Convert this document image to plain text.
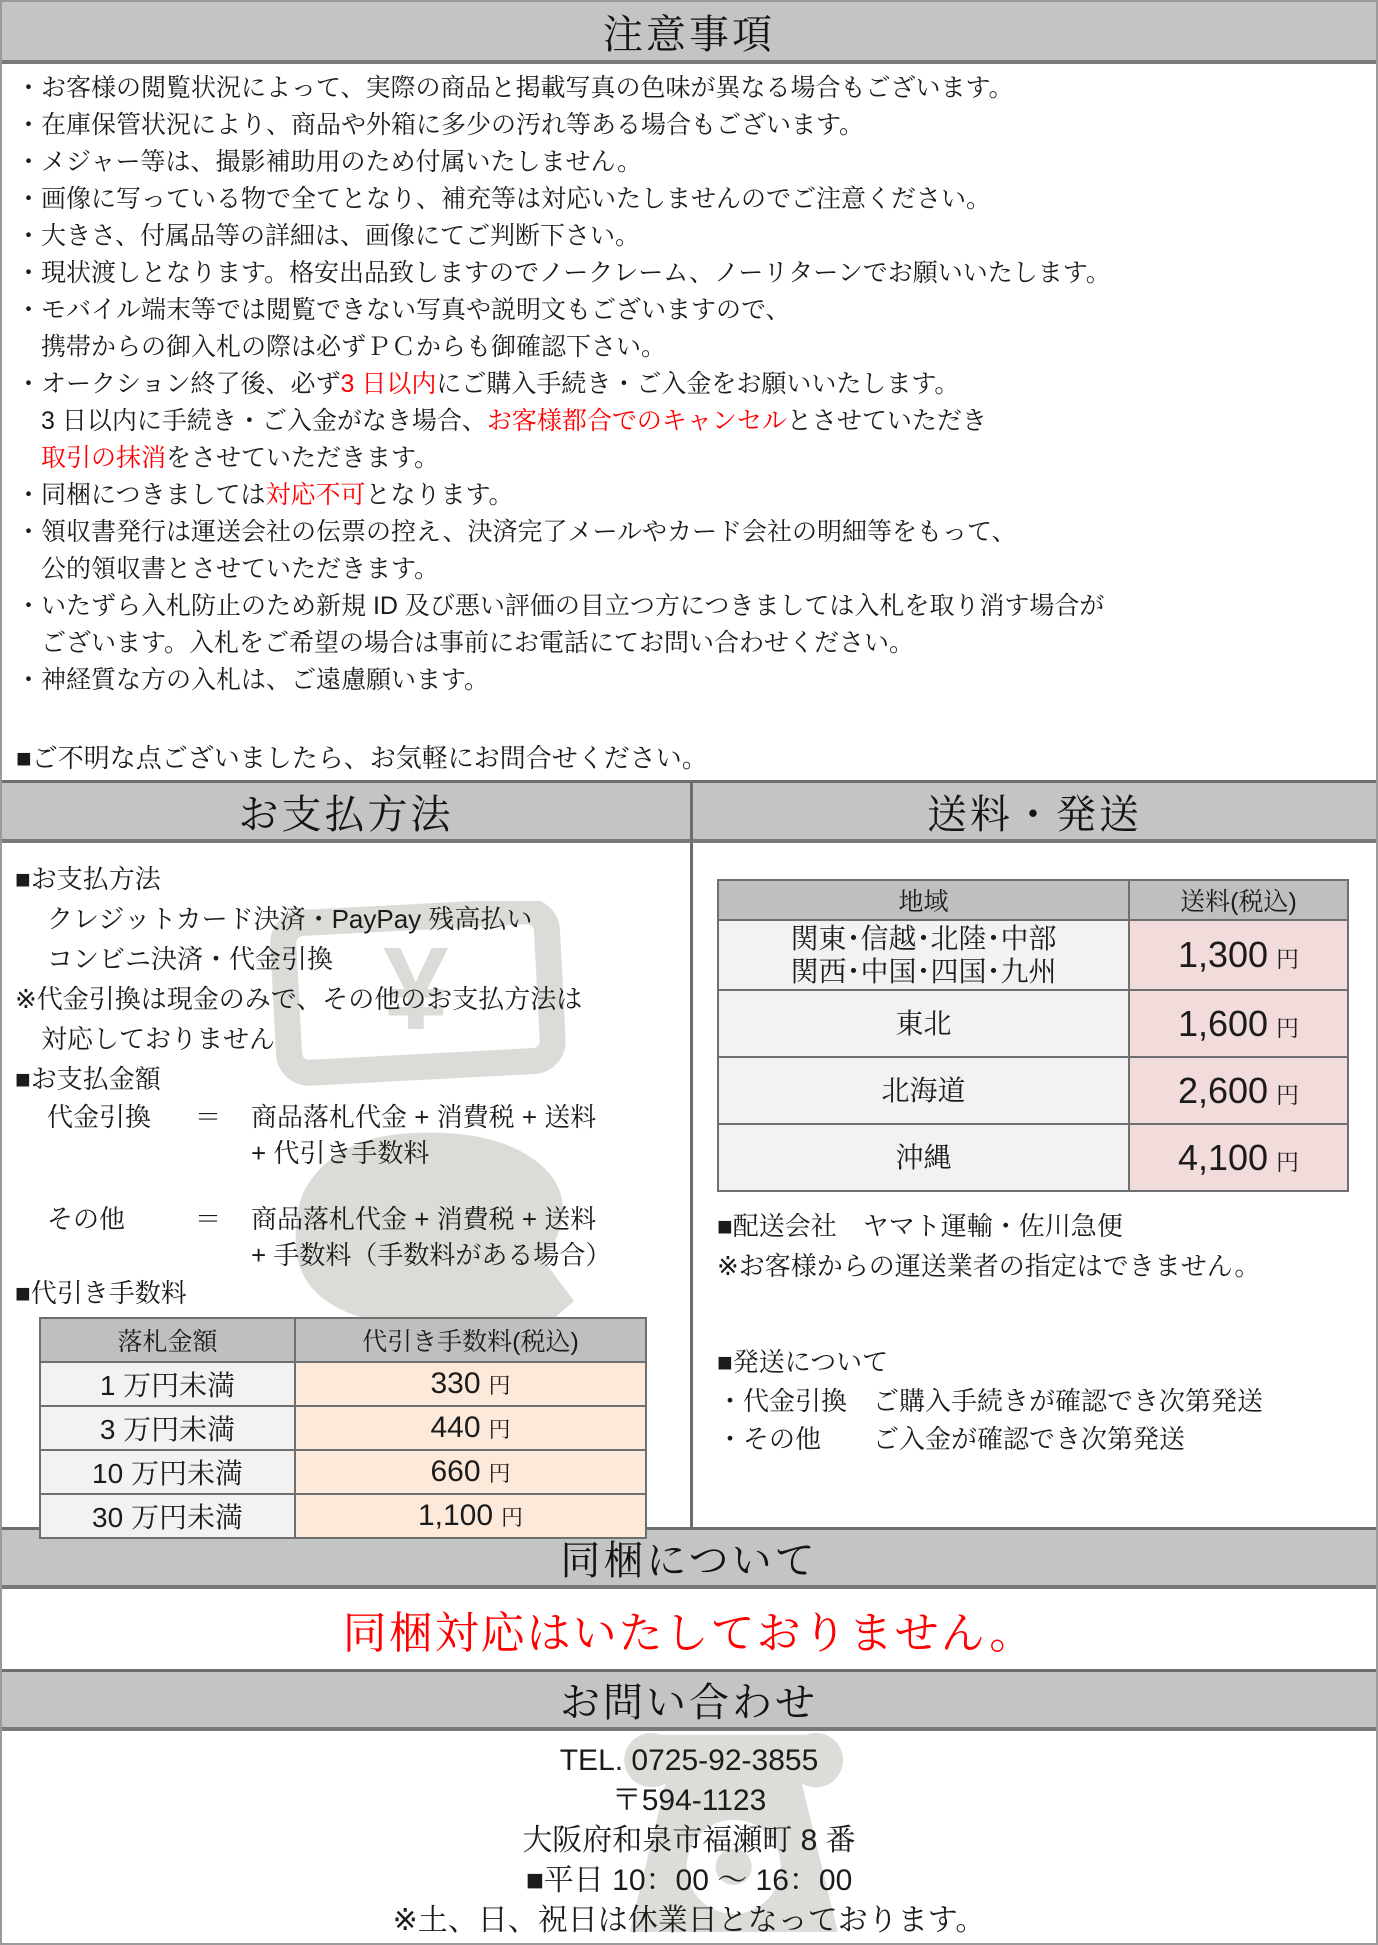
注意事項
・お客様の閲覧状況によって、実際の商品と掲載写真の色味が異なる場合もございます。
・在庫保管状況により、商品や外箱に多少の汚れ等ある場合もございます。
・メジャー等は、撮影補助用のため付属いたしません。
・画像に写っている物で全てとなり、補充等は対応いたしませんのでご注意ください。
・大きさ、付属品等の詳細は、画像にてご判断下さい。
・現状渡しとなります。格安出品致しますのでノークレーム、ノーリターンでお願いいたします。
・モバイル端末等では閲覧できない写真や説明文もございますので、
　携帯からの御入札の際は必ずＰＣからも御確認下さい。
・オークション終了後、必ず3 日以内にご購入手続き・ご入金をお願いいたします。
　3 日以内に手続き・ご入金がなき場合、お客様都合でのキャンセルとさせていただき
　取引の抹消をさせていただきます。
・同梱につきましては対応不可となります。
・領収書発行は運送会社の伝票の控え、決済完了メールやカード会社の明細等をもって、
　公的領収書とさせていただきます。
・いたずら入札防止のため新規 ID 及び悪い評価の目立つ方につきましては入札を取り消す場合が
　ございます。入札をご希望の場合は事前にお電話にてお問い合わせください。
・神経質な方の入札は、ご遠慮願います。
■ご不明な点ございましたら、お気軽にお問合せください。
お支払方法	送料・発送
¥
■お支払方法
クレジットカード決済・PayPay 残高払い
コンビニ決済・代金引換
※代金引換は現金のみで、その他のお支払方法は
　対応しておりません
■お支払金額
代金引換	＝	商品落札代金 + 消費税 + 送料
+ 代引き手数料
その他	＝	商品落札代金 + 消費税 + 送料
+ 手数料（手数料がある場合）
■代引き手数料
落札金額	代引き手数料(税込)
1 万円未満	330 円
3 万円未満	440 円
10 万円未満	660 円
30 万円未満	1,100 円
地域	送料(税込)

関東･信越･北陸･中部
関西･中国･四国･九州	1,300 円

東北	1,600 円

北海道	2,600 円

沖縄	4,100 円
■配送会社　ヤマト運輸・佐川急便
※お客様からの運送業者の指定はできません。
■発送について
・代金引換　ご購入手続きが確認でき次第発送
・その他　　ご入金が確認でき次第発送
同梱について
同梱対応はいたしておりません。
お問い合わせ
TEL. 0725-92-3855
〒594-1123
大阪府和泉市福瀬町 8 番
■平日 10：00 ～ 16：00
※土、日、祝日は休業日となっております。
